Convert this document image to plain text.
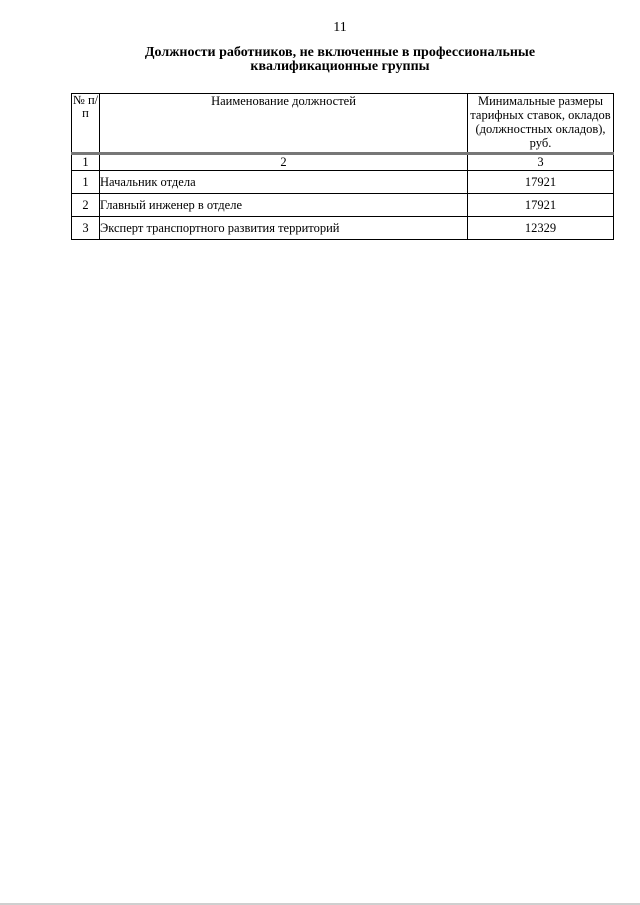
11
Должности работников, не включенные в профессиональные
квалификационные группы
№ п/п	Наименование должностей	Минимальные размеры тарифных ставок, окладов (должностных окладов), руб.
1	2	3
1	Начальник отдела	17921
2	Главный инженер в отделе	17921
3	Эксперт транспортного развития территорий	12329
